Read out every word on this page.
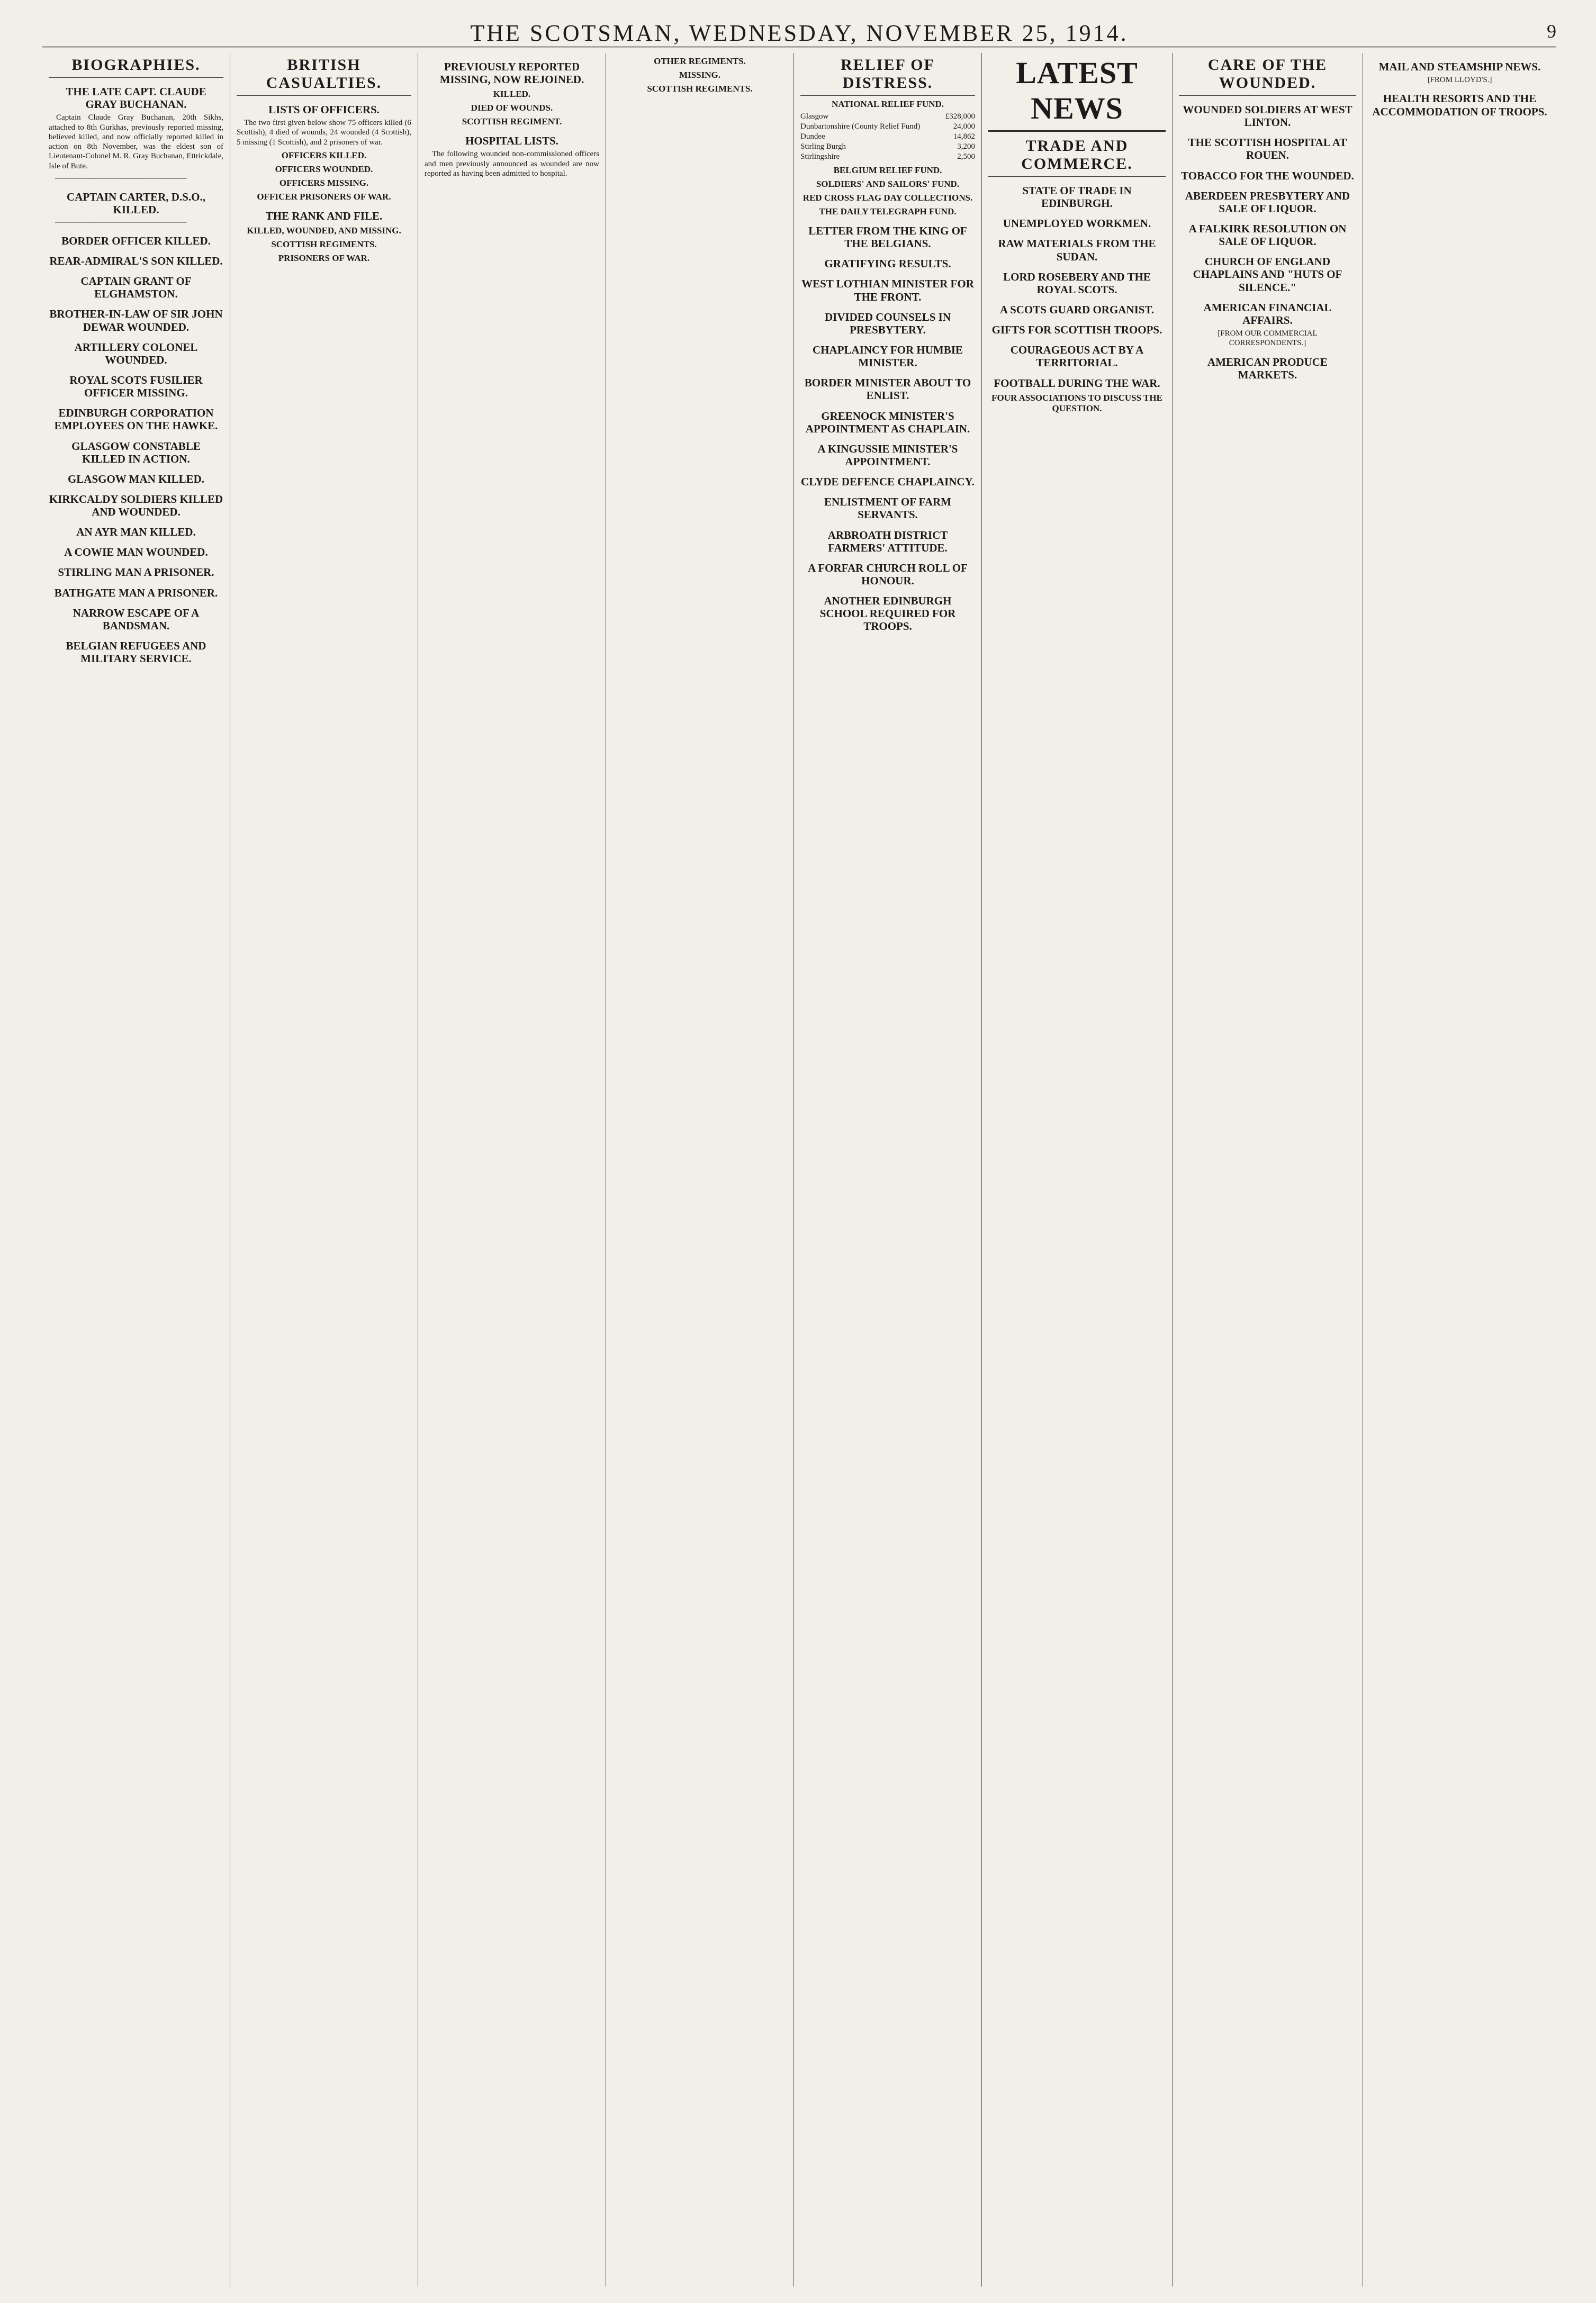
THE SCOTSMAN, WEDNESDAY, NOVEMBER 25, 1914.	9
BIOGRAPHIES.
THE LATE CAPT. CLAUDE GRAY BUCHANAN.

Captain Claude Gray Buchanan, 20th Sikhs, attached to 8th Gurkhas, previously reported missing, believed killed, and now officially reported killed in action on 8th November, was the eldest son of Lieutenant-Colonel M. R. Gray Buchanan, Ettrickdale, Isle of Bute.

──────────────────────────

CAPTAIN CARTER, D.S.O., KILLED.

──────────────────────────

BORDER OFFICER KILLED.
REAR-ADMIRAL'S SON KILLED.
CAPTAIN GRANT OF ELGHAMSTON.
BROTHER-IN-LAW OF SIR JOHN DEWAR WOUNDED.
ARTILLERY COLONEL WOUNDED.
ROYAL SCOTS FUSILIER OFFICER MISSING.
EDINBURGH CORPORATION EMPLOYEES ON THE HAWKE.
GLASGOW CONSTABLE KILLED IN ACTION.
GLASGOW MAN KILLED.
KIRKCALDY SOLDIERS KILLED AND WOUNDED.
AN AYR MAN KILLED.
A COWIE MAN WOUNDED.
STIRLING MAN A PRISONER.
BATHGATE MAN A PRISONER.
NARROW ESCAPE OF A BANDSMAN.
BELGIAN REFUGEES AND MILITARY SERVICE.
BRITISH CASUALTIES.
LISTS OF OFFICERS.

The two first given below show 75 officers killed (6 Scottish), 4 died of wounds, 24 wounded (4 Scottish), 5 missing (1 Scottish), and 2 prisoners of war.

OFFICERS KILLED.
OFFICERS WOUNDED.
OFFICERS MISSING.
OFFICER PRISONERS OF WAR.
THE RANK AND FILE.
KILLED, WOUNDED, AND MISSING.
SCOTTISH REGIMENTS.
PRISONERS OF WAR.
PREVIOUSLY REPORTED MISSING, NOW REJOINED.
KILLED.
DIED OF WOUNDS.
SCOTTISH REGIMENT.
HOSPITAL LISTS.

The following wounded non-commissioned officers and men previously announced as wounded are now reported as having been admitted to hospital.

OTHER REGIMENTS.
MISSING.
SCOTTISH REGIMENTS.
RELIEF OF DISTRESS.
NATIONAL RELIEF FUND.
Glasgow	£328,000
Dunbartonshire (County Relief Fund)	24,000
Dundee	14,862
Stirling Burgh	3,200
Stirlingshire	2,500
BELGIUM RELIEF FUND.
SOLDIERS' AND SAILORS' FUND.
RED CROSS FLAG DAY COLLECTIONS.
THE DAILY TELEGRAPH FUND.
LETTER FROM THE KING OF THE BELGIANS.
GRATIFYING RESULTS.
WEST LOTHIAN MINISTER FOR THE FRONT.
DIVIDED COUNSELS IN PRESBYTERY.
CHAPLAINCY FOR HUMBIE MINISTER.
BORDER MINISTER ABOUT TO ENLIST.
GREENOCK MINISTER'S APPOINTMENT AS CHAPLAIN.
A KINGUSSIE MINISTER'S APPOINTMENT.
CLYDE DEFENCE CHAPLAINCY.
ENLISTMENT OF FARM SERVANTS.
ARBROATH DISTRICT FARMERS' ATTITUDE.
A FORFAR CHURCH ROLL OF HONOUR.
ANOTHER EDINBURGH SCHOOL REQUIRED FOR TROOPS.
LATEST NEWS
TRADE AND COMMERCE.
STATE OF TRADE IN EDINBURGH.
UNEMPLOYED WORKMEN.
RAW MATERIALS FROM THE SUDAN.
LORD ROSEBERY AND THE ROYAL SCOTS.
A SCOTS GUARD ORGANIST.
GIFTS FOR SCOTTISH TROOPS.
COURAGEOUS ACT BY A TERRITORIAL.
FOOTBALL DURING THE WAR.
FOUR ASSOCIATIONS TO DISCUSS THE QUESTION.
CARE OF THE WOUNDED.
WOUNDED SOLDIERS AT WEST LINTON.
THE SCOTTISH HOSPITAL AT ROUEN.
TOBACCO FOR THE WOUNDED.
ABERDEEN PRESBYTERY AND SALE OF LIQUOR.
A FALKIRK RESOLUTION ON SALE OF LIQUOR.
CHURCH OF ENGLAND CHAPLAINS AND "HUTS OF SILENCE."
AMERICAN FINANCIAL AFFAIRS.

[FROM OUR COMMERCIAL CORRESPONDENTS.]

AMERICAN PRODUCE MARKETS.
MAIL AND STEAMSHIP NEWS.

[FROM LLOYD'S.]

HEALTH RESORTS AND THE ACCOMMODATION OF TROOPS.
